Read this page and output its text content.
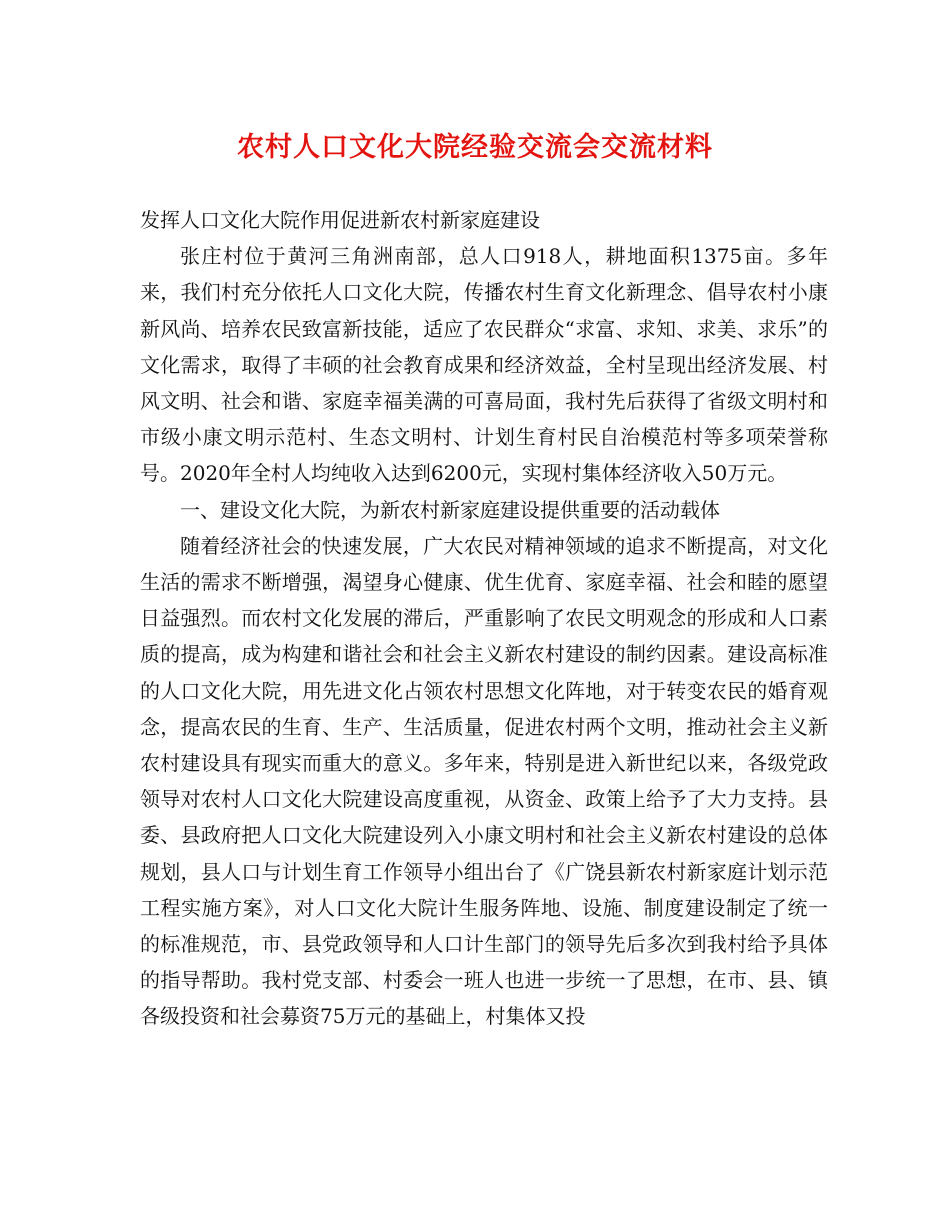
农村人口文化大院经验交流会交流材料

发挥人口文化大院作用促进新农村新家庭建设

张庄村位于黄河三角洲南部，总人口918人，耕地面积1375亩。多年来，我们村充分依托人口文化大院，传播农村生育文化新理念、倡导农村小康新风尚、培养农民致富新技能，适应了农民群众“求富、求知、求美、求乐”的文化需求，取得了丰硕的社会教育成果和经济效益，全村呈现出经济发展、村风文明、社会和谐、家庭幸福美满的可喜局面，我村先后获得了省级文明村和市级小康文明示范村、生态文明村、计划生育村民自治模范村等多项荣誉称号。2020年全村人均纯收入达到6200元，实现村集体经济收入50万元。

一、建设文化大院，为新农村新家庭建设提供重要的活动载体

随着经济社会的快速发展，广大农民对精神领域的追求不断提高，对文化生活的需求不断增强，渴望身心健康、优生优育、家庭幸福、社会和睦的愿望日益强烈。而农村文化发展的滞后，严重影响了农民文明观念的形成和人口素质的提高，成为构建和谐社会和社会主义新农村建设的制约因素。建设高标准的人口文化大院，用先进文化占领农村思想文化阵地，对于转变农民的婚育观念，提高农民的生育、生产、生活质量，促进农村两个文明，推动社会主义新农村建设具有现实而重大的意义。多年来，特别是进入新世纪以来，各级党政领导对农村人口文化大院建设高度重视，从资金、政策上给予了大力支持。县委、县政府把人口文化大院建设列入小康文明村和社会主义新农村建设的总体规划，县人口与计划生育工作领导小组出台了《广饶县新农村新家庭计划示范工程实施方案》，对人口文化大院计生服务阵地、设施、制度建设制定了统一的标准规范，市、县党政领导和人口计生部门的领导先后多次到我村给予具体的指导帮助。我村党支部、村委会一班人也进一步统一了思想，在市、县、镇各级投资和社会募资75万元的基础上，村集体又投
